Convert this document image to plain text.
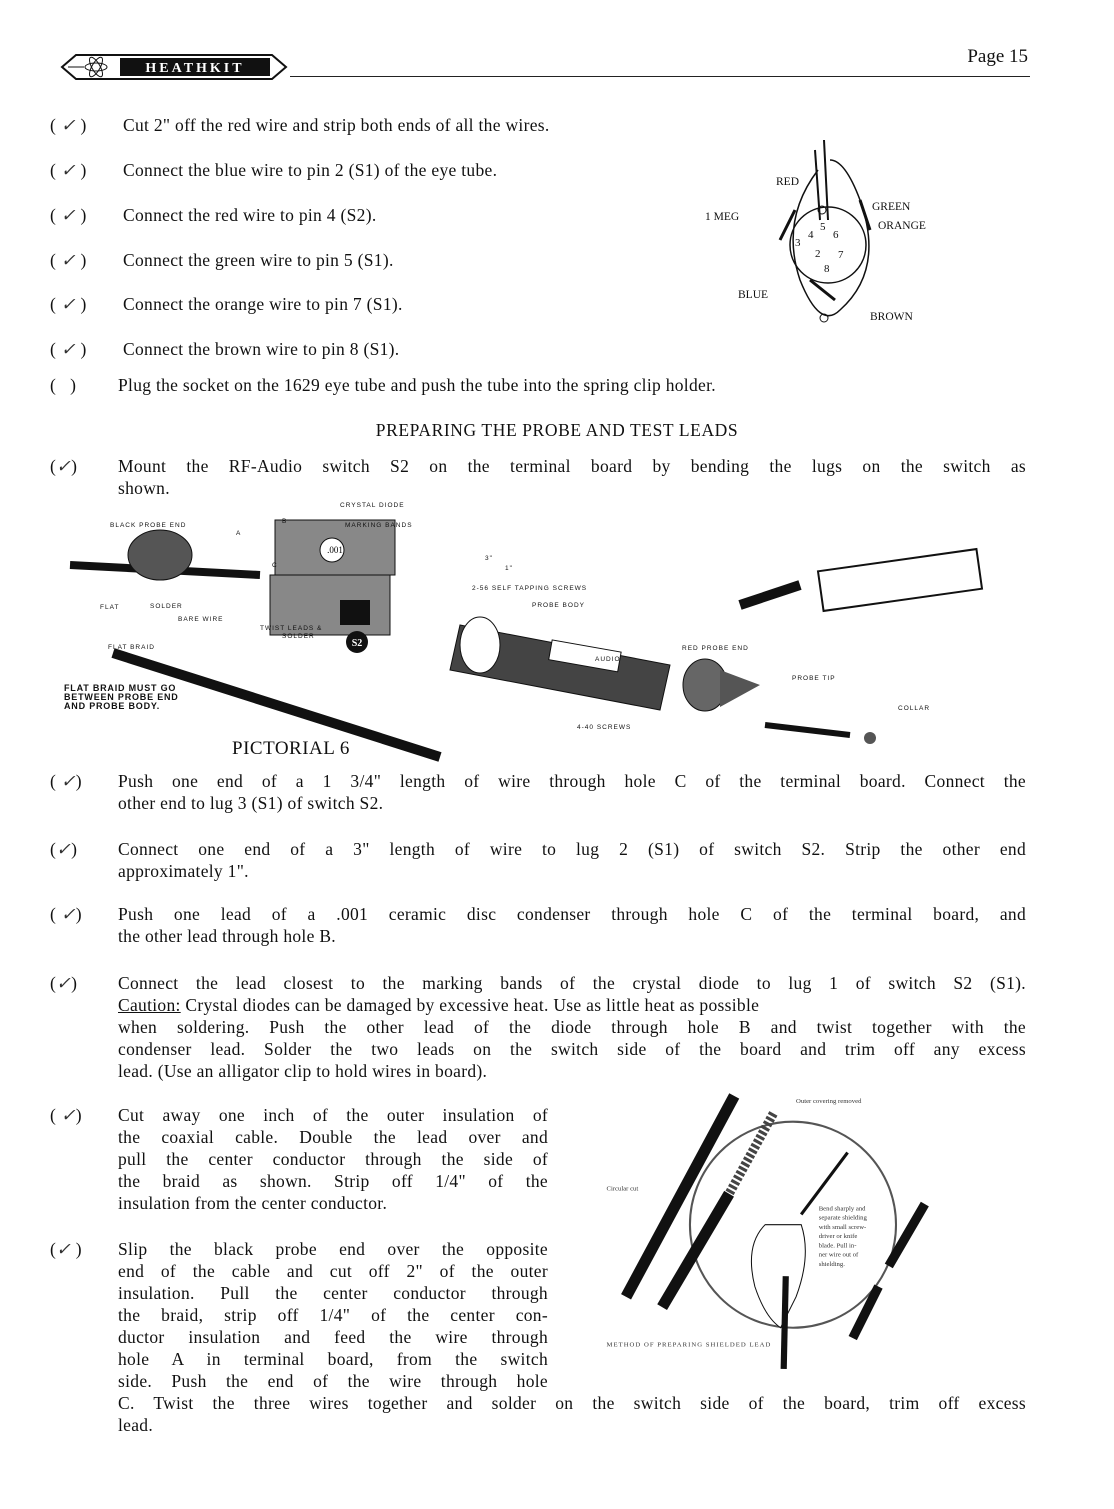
HEATHKIT
Page 15
( ✓ )	Cut 2" off the red wire and strip both ends of all the wires.
( ✓ )	Connect the blue wire to pin 2 (S1) of the eye tube.
( ✓ )	Connect the red wire to pin 4 (S2).
( ✓ )	Connect the green wire to pin 5 (S1).
( ✓ )	Connect the orange wire to pin 7 (S1).
( ✓ )	Connect the brown wire to pin 8 (S1).
(   )	Plug the socket on the 1629 eye tube and push the tube into the spring clip holder.
3
4
5
6
2 7
8
RED
GREEN
ORANGE
1 MEG
BLUE
BROWN
PREPARING THE PROBE AND TEST LEADS
(✓)	Mount the RF-Audio switch S2 on the terminal board by bending the lugs on the switch as
shown.
.001
S2
B
A
C
CRYSTAL DIODE
MARKING BANDS
3"
1"
BLACK PROBE END
FLAT	SOLDER
BARE WIRE
TWIST LEADS &
SOLDER
FLAT BRAID
2-56 SELF TAPPING SCREWS
PROBE BODY
RF
AUDIO
RED PROBE END
PROBE TIP
COLLAR
4-40 SCREWS
FLAT BRAID MUST GO
BETWEEN PROBE END
AND PROBE BODY.
PICTORIAL 6
( ✓)	Push one end of a 1 3/4" length of wire through hole C of the terminal board. Connect the
other end to lug 3 (S1) of switch S2.
(✓)	Connect one end of a 3" length of wire to lug 2 (S1) of switch S2. Strip the other end
approximately 1".
( ✓)	Push one lead of a .001 ceramic disc condenser through hole C of the terminal board, and
the other lead through hole B.
(✓)	Connect the lead closest to the marking bands of the crystal diode to lug 1 of switch S2 (S1).
Caution: Crystal diodes can be damaged by excessive heat. Use as little heat as possible
when soldering. Push the other lead of the diode through hole B and twist together with the
condenser lead. Solder the two leads on the switch side of the board and trim off any excess
lead. (Use an alligator clip to hold wires in board).
( ✓)	Cut away one inch of the outer insulation of
the coaxial cable. Double the lead over and
pull the center conductor through the side of
the braid as shown. Strip off 1/4" of the
insulation from the center conductor.
(✓ )	Slip the black probe end over the opposite
end of the cable and cut off 2" of the outer
insulation. Pull the center conductor through
the braid, strip off 1/4" of the center con-
ductor insulation and feed the wire through
hole A in terminal board, from the switch
side. Push the end of the wire through hole
C. Twist the three wires together and solder on the switch side of the board, trim off excess
lead.
Outer covering removed
Circular cut
Bend sharply and
separate shielding
with small screw-
driver or knife
blade. Pull in-
ner wire out of
shielding.
METHOD OF PREPARING SHIELDED LEAD
